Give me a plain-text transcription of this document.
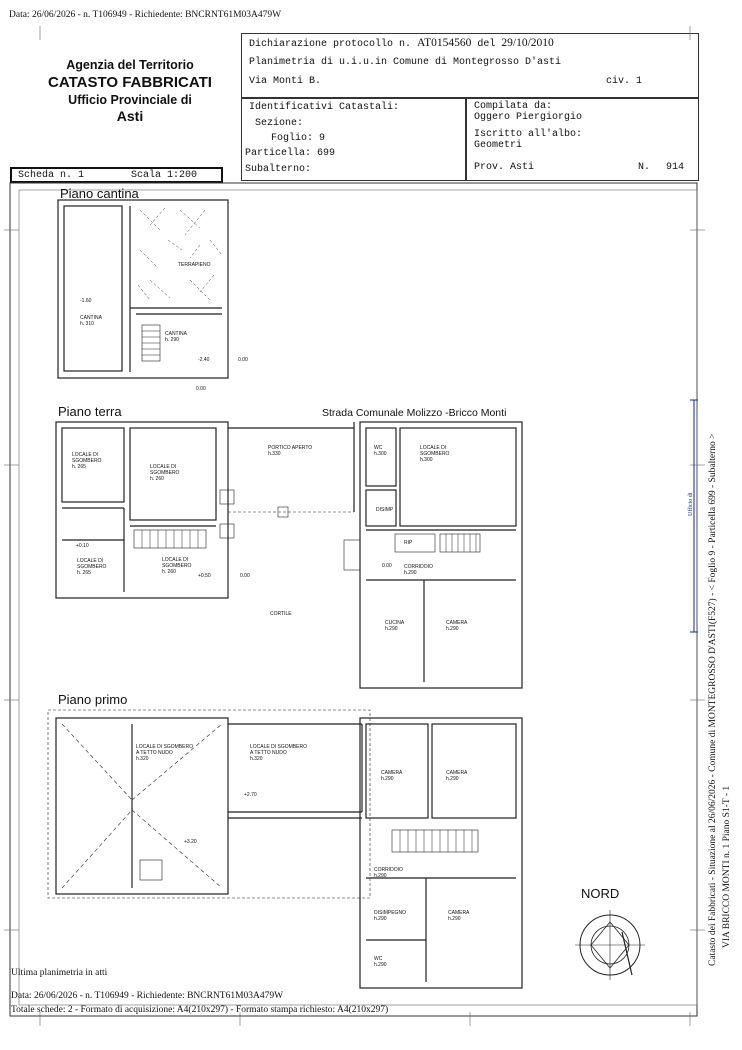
Data: 26/06/2026 - n. T106949 - Richiedente: BNCRNT61M03A479W
Agenzia del Territorio
CATASTO FABBRICATI
Ufficio Provinciale di
Asti
Dichiarazione protocollo n. AT0154560 del 29/10/2010
Planimetria di u.i.u.in Comune di Montegrosso D'asti
Via Monti B.	civ. 1
Identificativi Catastali:
Sezione:
Foglio: 9
Particella: 699
Subalterno:
Compilata da:
Oggero Piergiorgio
Iscritto all'albo:
Geometri
Prov. Asti	N. 914
Scheda n. 1	Scala 1:200
Piano cantina
Piano terra	Strada Comunale Molizzo -Bricco Monti
Piano primo
TERRAPIENO
CANTINA
h. 310
CANTINA
h. 290
-1.60
-2.40	0.00
0.00
LOCALE DI
SGOMBERO
h. 265	LOCALE DI
SGOMBERO
h. 260
PORTICO APERTO
h.330
WC
h.300
LOCALE DI
SGOMBERO
h.300
DISIMP
RIP
LOCALE DI
SGOMBERO
h. 265
LOCALE DI
SGOMBERO
h. 260
+0.10
+0.50	0.00
0.00 CORRIDOIO
h.290
CORTILE
CUCINA
h.290
CAMERA
h.290
LOCALE DI SGOMBERO
A TETTO NUDO
h.320
LOCALE DI SGOMBERO
A TETTO NUDO
h.320
+2.70
+3.20
CAMERA
h.290
CAMERA
h.290
CORRIDOIO
h.290
DISIMPEGNO
h.290
CAMERA
h.290
WC
h.290
NORD	Catasto dei Fabbricati - Situazione al 26/06/2026 - Comune di MONTEGROSSO D'ASTI(F527) - < Foglio 9 - Particella 699 - Subalterno > VIA BRICCO MONTI n. 1 Piano S1-T - 1
Ufficio di
Ultima planimetria in atti
Data: 26/06/2026 - n. T106949 - Richiedente: BNCRNT61M03A479W
Totale schede: 2 - Formato di acquisizione: A4(210x297) - Formato stampa richiesto: A4(210x297)
